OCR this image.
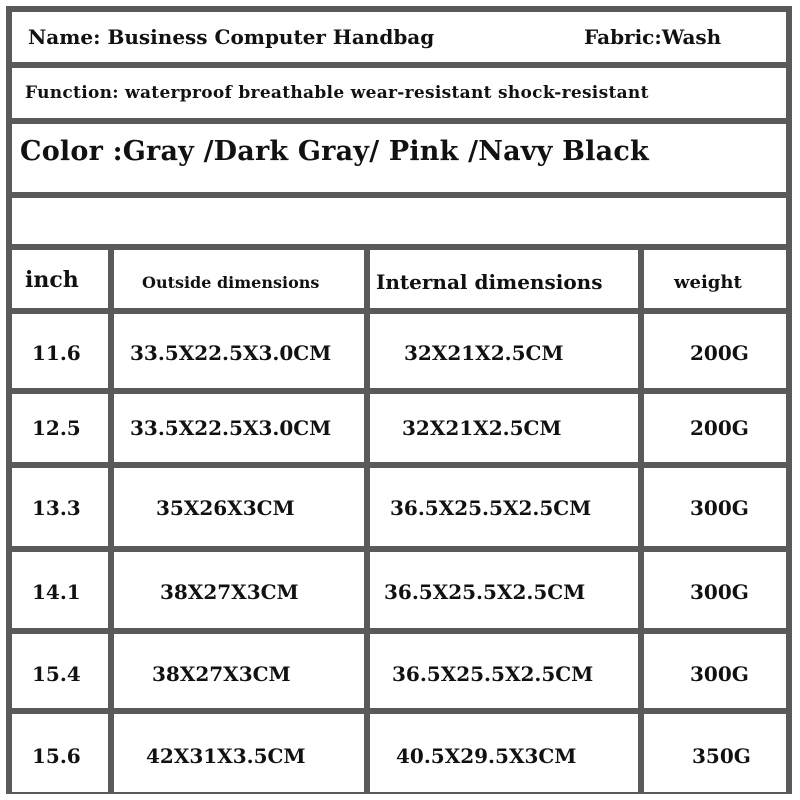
Name: Business Computer Handbag	Fabric:Wash
Function: waterproof breathable wear-resistant shock-resistant
Color :Gray /Dark Gray/ Pink /Navy Black
inch	Outside dimensions	Internal dimensions	weight
11.6 33.5X22.5X3.0CM	32X21X2.5CM	200G
12.5 33.5X22.5X3.0CM	32X21X2.5CM	200G
13.3	35X26X3CM	36.5X25.5X2.5CM	300G
14.1	38X27X3CM	36.5X25.5X2.5CM	300G
15.4	38X27X3CM	36.5X25.5X2.5CM	300G
15.6	42X31X3.5CM	40.5X29.5X3CM	350G
